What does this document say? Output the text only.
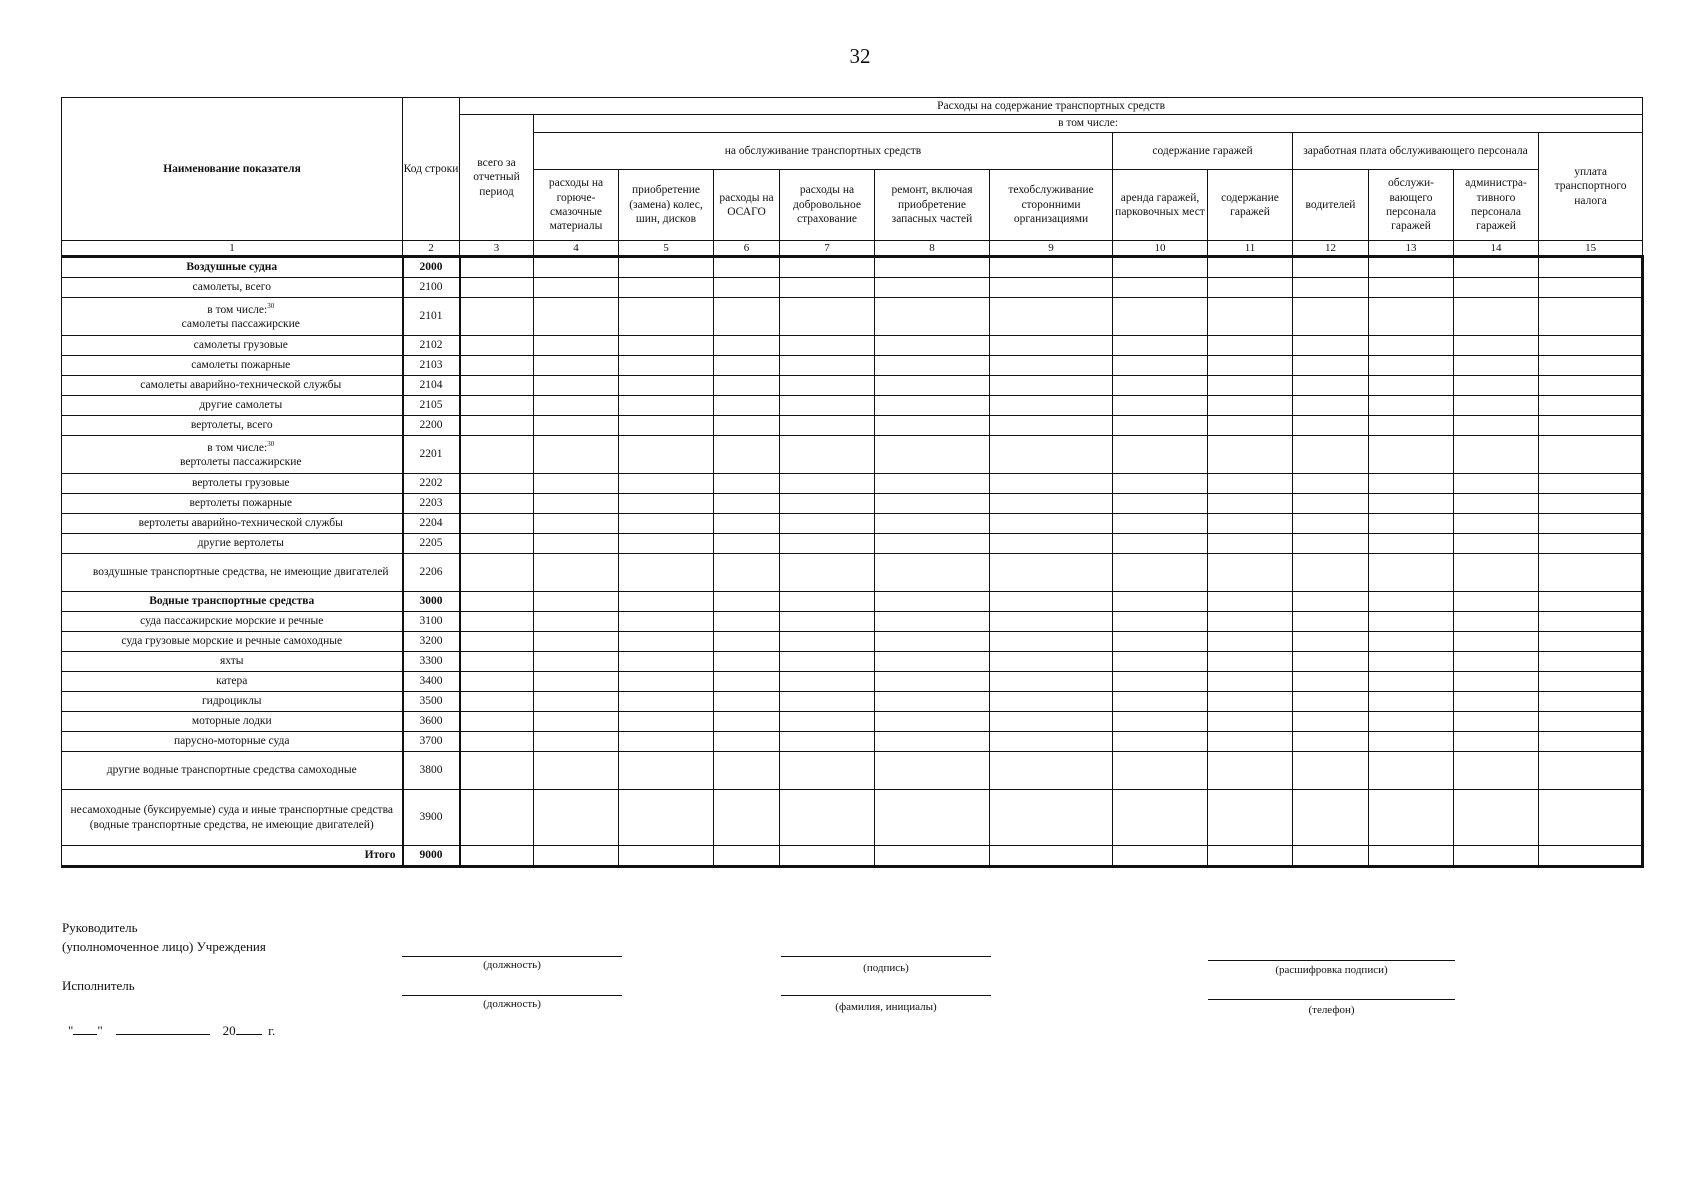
32
Наименование показателя	Код строки	Расходы на содержание транспортных средств												
		всего за отчетный период	в том числе:											
			на обслуживание транспортных средств						содержание гаражей		заработная плата обслуживающего персонала			уплата транспортного налога
			расходы на горюче-смазочные материалы	приобретение (замена) колес, шин, дисков	расходы на ОСАГО	расходы на добровольное страхование	ремонт, включая приобретение запасных частей	техобслуживание сторонними организациями	аренда гаражей, парковочных мест	содержание гаражей	водителей	обслужи-вающего персонала гаражей	администра-тивного персонала гаражей	
1	2	3	4	5	6	7	8	9	10	11	12	13	14	15
Воздушные судна	2000													
самолеты, всего	2100													

в том числе:$^{30}$
самолеты пассажирские	2101													
самолеты грузовые	2102													
самолеты пожарные	2103													
самолеты аварийно-технической службы	2104													
другие самолеты	2105													
вертолеты, всего	2200													

в том числе:$^{30}$
вертолеты пассажирские	2201													
вертолеты грузовые	2202													
вертолеты пожарные	2203													
вертолеты аварийно-технической службы	2204													
другие вертолеты	2205													
воздушные транспортные средства, не имеющие двигателей	2206													
Водные транспортные средства	3000													
суда пассажирские морские и речные	3100													
суда грузовые морские и речные самоходные	3200													
яхты	3300													
катера	3400													
гидроциклы	3500													
моторные лодки	3600													
парусно-моторные суда	3700													
другие водные транспортные средства самоходные	3800													
несамоходные (буксируемые) суда и иные транспортные средства (водные транспортные средства, не имеющие двигателей)	3900													
Итого	9000													
Руководитель
(уполномоченное лицо) Учреждения
(должность)	(подпись)	(расшифровка подписи)
Исполнитель
(должность)	(фамилия, инициалы)	(телефон)
" "	20	г.
